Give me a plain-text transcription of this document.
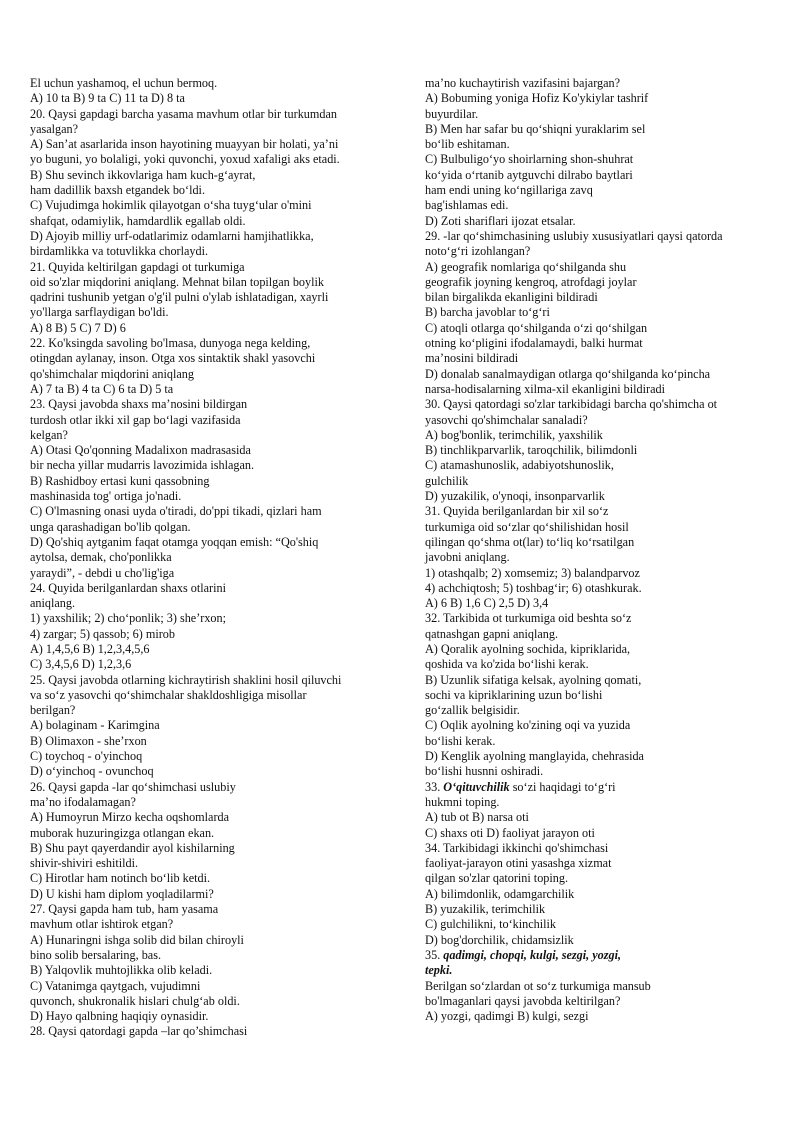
El uchun yashamoq, el uchun bermoq.
A) 10 ta B) 9 ta C) 11 ta D) 8 ta
20. Qaysi gapdagi barcha yasama mavhum otlar bir turkumdan
yasalgan?
A) San’at asarlarida inson hayotining muayyan bir holati, ya’ni
yo buguni, yo bolaligi, yoki quvonchi, yoxud xafaligi aks etadi.
B) Shu sevinch ikkovlariga ham kuch-g‘ayrat,
ham dadillik baxsh etgandek bo‘ldi.
C) Vujudimga hokimlik qilayotgan o‘sha tuyg‘ular o'mini
shafqat, odamiylik, hamdardlik egallab oldi.
D) Ajoyib milliy urf-odatlarimiz odamlarni hamjihatlikka,
birdamlikka va totuvlikka chorlaydi.
21. Quyida keltirilgan gapdagi ot turkumiga
oid so'zlar miqdorini aniqlang. Mehnat bilan topilgan boylik
qadrini tushunib yetgan o'g'il pulni o'ylab ishlatadigan, xayrli
yo'llarga sarflaydigan bo'ldi.
A) 8 B) 5 C) 7 D) 6
22. Ko'ksingda savoling bo'lmasa, dunyoga nega kelding,
otingdan aylanay, inson. Otga xos sintaktik shakl yasovchi
qo'shimchalar miqdorini aniqlang
A) 7 ta B) 4 ta C) 6 ta D) 5 ta
23. Qaysi javobda shaxs ma’nosini bildirgan
turdosh otlar ikki xil gap bo‘lagi vazifasida
kelgan?
A) Otasi Qo'qonning Madalixon madrasasida
bir necha yillar mudarris lavozimida ishlagan.
B) Rashidboy ertasi kuni qassobning
mashinasida tog' ortiga jo'nadi.
C) O'lmasning onasi uyda o'tiradi, do'ppi tikadi, qizlari ham
unga qarashadigan bo'lib qolgan.
D) Qo'shiq aytganim faqat otamga yoqqan emish: “Qo'shiq
aytolsa, demak, cho'ponlikka
yaraydi”, - debdi u cho'lig'iga
24. Quyida berilganlardan shaxs otlarini
aniqlang.
1) yaxshilik; 2) cho‘ponlik; 3) she’rxon;
4) zargar; 5) qassob; 6) mirob
A) 1,4,5,6 B) 1,2,3,4,5,6
C) 3,4,5,6 D) 1,2,3,6
25. Qaysi javobda otlarning kichraytirish shaklini hosil qiluvchi
va so‘z yasovchi qo‘shimchalar shakldoshligiga misollar
berilgan?
A) bolaginam - Karimgina
B) Olimaxon - she’rxon
C) toychoq - o'yinchoq
D) o‘yinchoq - ovunchoq
26. Qaysi gapda -lar qo‘shimchasi uslubiy
ma’no ifodalamagan?
A) Humoyrun Mirzo kecha oqshomlarda
muborak huzuringizga otlangan ekan.
B) Shu payt qayerdandir ayol kishilarning
shivir-shiviri eshitildi.
C) Hirotlar ham notinch bo‘lib ketdi.
D) U kishi ham diplom yoqladilarmi?
27. Qaysi gapda ham tub, ham yasama
mavhum otlar ishtirok etgan?
A) Hunaringni ishga solib did bilan chiroyli
bino solib bersalaring, bas.
B) Yalqovlik muhtojlikka olib keladi.
C) Vatanimga qaytgach, vujudimni
quvonch, shukronalik hislari chulg‘ab oldi.
D) Hayo qalbning haqiqiy oynasidir.
28. Qaysi qatordagi gapda –lar qo’shimchasi
ma’no kuchaytirish vazifasini bajargan?
A) Bobuming yoniga Hofiz Ko'ykiylar tashrif
buyurdilar.
B) Men har safar bu qo‘shiqni yuraklarim sel
bo‘lib eshitaman.
C) Bulbuligo‘yo shoirlarning shon-shuhrat
ko‘yida o‘rtanib aytguvchi dilrabo baytlari
ham endi uning ko‘ngillariga zavq
bag'ishlamas edi.
D) Zoti shariflari ijozat etsalar.
29. -lar qo‘shimchasining uslubiy xususiyatlari qaysi qatorda
noto‘g‘ri izohlangan?
A) geografik nomlariga qo‘shilganda shu
geografik joyning kengroq, atrofdagi joylar
bilan birgalikda ekanligini bildiradi
B) barcha javoblar to‘g‘ri
C) atoqli otlarga qo‘shilganda o‘zi qo‘shilgan
otning ko‘pligini ifodalamaydi, balki hurmat
ma’nosini bildiradi
D) donalab sanalmaydigan otlarga qo‘shilganda ko‘pincha
narsa-hodisalarning xilma-xil ekanligini bildiradi
30. Qaysi qatordagi so'zlar tarkibidagi barcha qo'shimcha ot
yasovchi qo'shimchalar sanaladi?
A) bog'bonlik, terimchilik, yaxshilik
B) tinchlikparvarlik, taroqchilik, bilimdonli
C) atamashunoslik, adabiyotshunoslik,
gulchilik
D) yuzakilik, o'ynoqi, insonparvarlik
31. Quyida berilganlardan bir xil so‘z
turkumiga oid so‘zlar qo‘shilishidan hosil
qilingan qo‘shma ot(lar) to‘liq ko‘rsatilgan
javobni aniqlang.
1) otashqalb; 2) xomsemiz; 3) balandparvoz
4) achchiqtosh; 5) toshbag‘ir; 6) otashkurak.
A) 6 B) 1,6 C) 2,5 D) 3,4
32. Tarkibida ot turkumiga oid beshta so‘z
qatnashgan gapni aniqlang.
A) Qoralik ayolning sochida, kipriklarida,
qoshida va ko'zida bo‘lishi kerak.
B) Uzunlik sifatiga kelsak, ayolning qomati,
sochi va kipriklarining uzun bo‘lishi
go‘zallik belgisidir.
C) Oqlik ayolning ko'zining oqi va yuzida
bo‘lishi kerak.
D) Kenglik ayolning manglayida, chehrasida
bo‘lishi husnni oshiradi.
33. O‘qituvchilik so‘zi haqidagi to‘g‘ri
hukmni toping.
A) tub ot B) narsa oti
C) shaxs oti D) faoliyat jarayon oti
34. Tarkibidagi ikkinchi qo'shimchasi
faoliyat-jarayon otini yasashga xizmat
qilgan so'zlar qatorini toping.
A) bilimdonlik, odamgarchilik
B) yuzakilik, terimchilik
C) gulchilikni, to‘kinchilik
D) bog'dorchilik, chidamsizlik
35. qadimgi, chopqi, kulgi, sezgi, yozgi,
tepki.
Berilgan so‘zlardan ot so‘z turkumiga mansub
bo'lmaganlari qaysi javobda keltirilgan?
A) yozgi, qadimgi B) kulgi, sezgi
